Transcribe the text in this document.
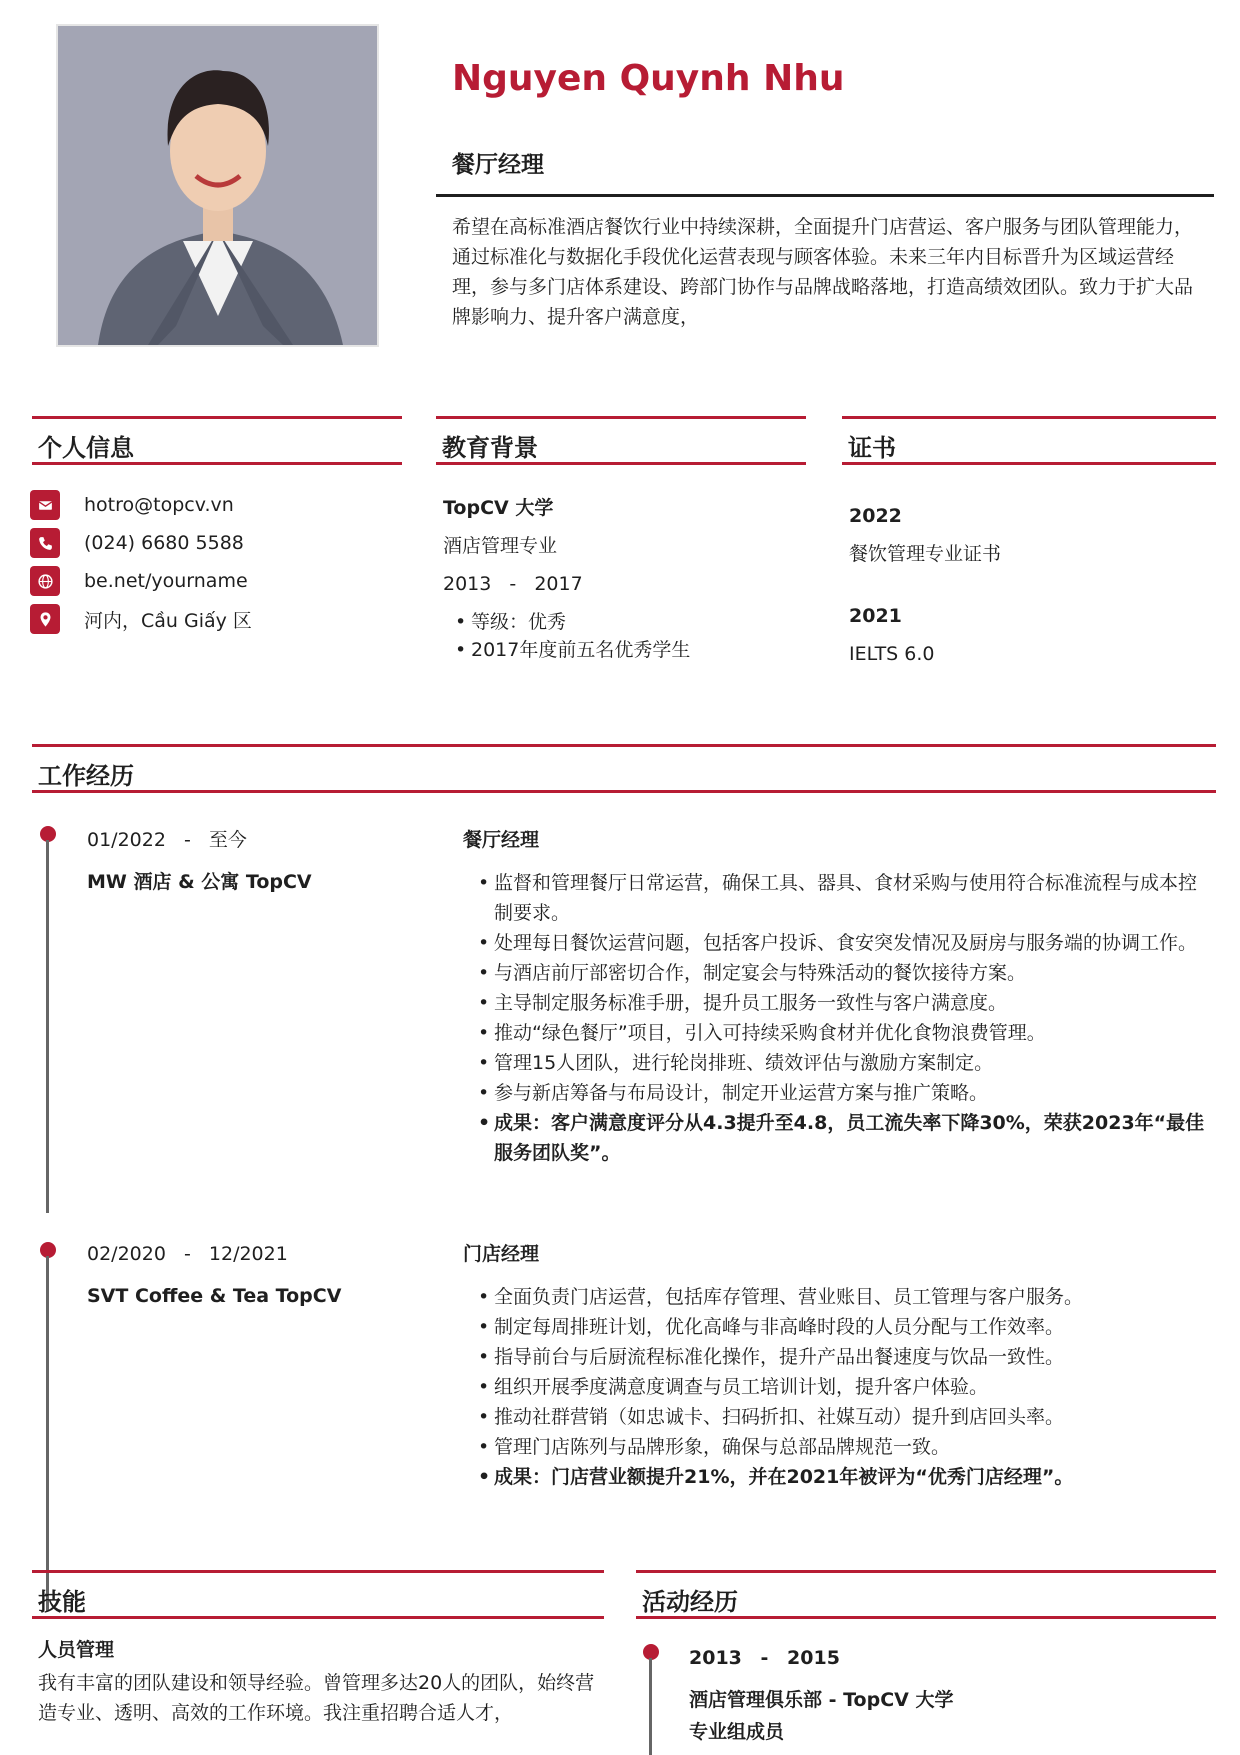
Nguyen Quynh Nhu
餐厅经理
希望在高标准酒店餐饮行业中持续深耕，全面提升门店营运、客户服务与团队管理能力，通过标准化与数据化手段优化运营表现与顾客体验。未来三年内目标晋升为区域运营经理，参与多门店体系建设、跨部门协作与品牌战略落地，打造高绩效团队。致力于扩大品牌影响力、提升客户满意度，
个人信息
hotro@topcv.vn
(024) 6680 5588
be.net/yourname
河内，Cầu Giấy 区
教育背景
TopCV 大学
酒店管理专业
2013 - 2017
• 等级：优秀
• 2017年度前五名优秀学生
证书
2022
餐饮管理专业证书
2021
IELTS 6.0
工作经历
01/2022 - 至今
MW 酒店 & 公寓 TopCV
餐厅经理
• 监督和管理餐厅日常运营，确保工具、器具、食材采购与使用符合标准流程与成本控制要求。
• 处理每日餐饮运营问题，包括客户投诉、食安突发情况及厨房与服务端的协调工作。
• 与酒店前厅部密切合作，制定宴会与特殊活动的餐饮接待方案。
• 主导制定服务标准手册，提升员工服务一致性与客户满意度。
• 推动“绿色餐厅”项目，引入可持续采购食材并优化食物浪费管理。
• 管理15人团队，进行轮岗排班、绩效评估与激励方案制定。
• 参与新店筹备与布局设计，制定开业运营方案与推广策略。
• 成果：客户满意度评分从4.3提升至4.8，员工流失率下降30%，荣获2023年“最佳服务团队奖”。
02/2020 - 12/2021
SVT Coffee & Tea TopCV
门店经理
• 全面负责门店运营，包括库存管理、营业账目、员工管理与客户服务。
• 制定每周排班计划，优化高峰与非高峰时段的人员分配与工作效率。
• 指导前台与后厨流程标准化操作，提升产品出餐速度与饮品一致性。
• 组织开展季度满意度调查与员工培训计划，提升客户体验。
• 推动社群营销（如忠诚卡、扫码折扣、社媒互动）提升到店回头率。
• 管理门店陈列与品牌形象，确保与总部品牌规范一致。
• 成果：门店营业额提升21%，并在2021年被评为“优秀门店经理”。
技能
人员管理
我有丰富的团队建设和领导经验。曾管理多达20人的团队，始终营造专业、透明、高效的工作环境。我注重招聘合适人才，
活动经历
2013 - 2015
酒店管理俱乐部 - TopCV 大学
专业组成员
